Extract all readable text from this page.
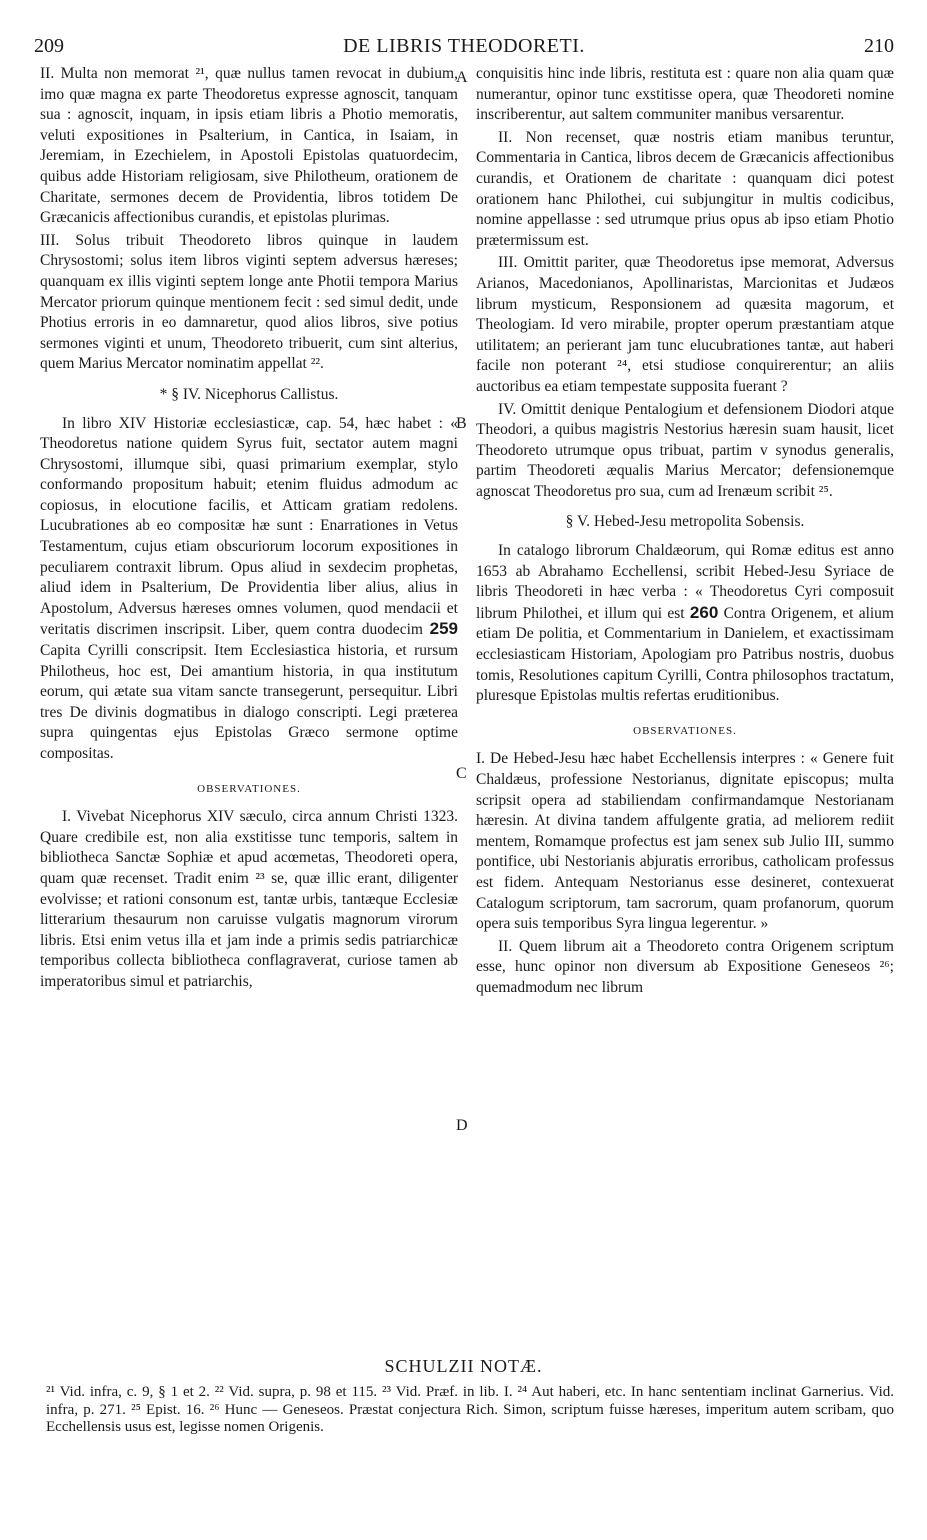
209	DE LIBRIS THEODORETI.	210
A
B
C
D

II. Multa non memorat ²¹, quæ nullus tamen revocat in dubium, imo quæ magna ex parte Theodoretus expresse agnoscit, tanquam sua : agnoscit, inquam, in ipsis etiam libris a Photio memoratis, veluti expositiones in Psalterium, in Cantica, in Isaiam, in Jeremiam, in Ezechielem, in Apostoli Epistolas quatuordecim, quibus adde Historiam religiosam, sive Philotheum, orationem de Charitate, sermones decem de Providentia, libros totidem De Græcanicis affectionibus curandis, et epistolas plurimas.

III. Solus tribuit Theodoreto libros quinque in laudem Chrysostomi; solus item libros viginti septem adversus hæreses; quanquam ex illis viginti septem longe ante Photii tempora Marius Mercator priorum quinque mentionem fecit : sed simul dedit, unde Photius erroris in eo damnaretur, quod alios libros, sive potius sermones viginti et unum, Theodoreto tribuerit, cum sint alterius, quem Marius Mercator nominatim appellat ²².

* § IV. Nicephorus Callistus.

In libro XIV Historiæ ecclesiasticæ, cap. 54, hæc habet : « Theodoretus natione quidem Syrus fuit, sectator autem magni Chrysostomi, illumque sibi, quasi primarium exemplar, stylo conformando propositum habuit; etenim fluidus admodum ac copiosus, in elocutione facilis, et Atticam gratiam redolens. Lucubrationes ab eo compositæ hæ sunt : Enarrationes in Vetus Testamentum, cujus etiam obscuriorum locorum expositiones in peculiarem contraxit librum. Opus aliud in sexdecim prophetas, aliud idem in Psalterium, De Providentia liber alius, alius in Apostolum, Adversus hæreses omnes volumen, quod mendacii et veritatis discrimen inscripsit. Liber, quem contra duodecim 259 Capita Cyrilli conscripsit. Item Ecclesiastica historia, et rursum Philotheus, hoc est, Dei amantium historia, in qua institutum eorum, qui ætate sua vitam sancte transegerunt, persequitur. Libri tres De divinis dogmatibus in dialogo conscripti. Legi præterea supra quingentas ejus Epistolas Græco sermone optime compositas.

OBSERVATIONES.

I. Vivebat Nicephorus XIV sæculo, circa annum Christi 1323. Quare credibile est, non alia exstitisse tunc temporis, saltem in bibliotheca Sanctæ Sophiæ et apud acœmetas, Theodoreti opera, quam quæ recenset. Tradit enim ²³ se, quæ illic erant, diligenter evolvisse; et rationi consonum est, tantæ urbis, tantæque Ecclesiæ litterarium thesaurum non caruisse vulgatis magnorum virorum libris. Etsi enim vetus illa et jam inde a primis sedis patriarchicæ temporibus collecta bibliotheca conflagraverat, curiose tamen ab imperatoribus simul et patriarchis,

conquisitis hinc inde libris, restituta est : quare non alia quam quæ numerantur, opinor tunc exstitisse opera, quæ Theodoreti nomine inscriberentur, aut saltem communiter manibus versarentur.

II. Non recenset, quæ nostris etiam manibus teruntur, Commentaria in Cantica, libros decem de Græcanicis affectionibus curandis, et Orationem de charitate : quanquam dici potest orationem hanc Philothei, cui subjungitur in multis codicibus, nomine appellasse : sed utrumque prius opus ab ipso etiam Photio prætermissum est.

III. Omittit pariter, quæ Theodoretus ipse memorat, Adversus Arianos, Macedonianos, Apollinaristas, Marcionitas et Judæos librum mysticum, Responsionem ad quæsita magorum, et Theologiam. Id vero mirabile, propter operum præstantiam atque utilitatem; an perierant jam tunc elucubrationes tantæ, aut haberi facile non poterant ²⁴, etsi studiose conquirerentur; an aliis auctoribus ea etiam tempestate supposita fuerant ?

IV. Omittit denique Pentalogium et defensionem Diodori atque Theodori, a quibus magistris Nestorius hæresin suam hausit, licet Theodoreto utrumque opus tribuat, partim v synodus generalis, partim Theodoreti æqualis Marius Mercator; defensionemque agnoscat Theodoretus pro sua, cum ad Irenæum scribit ²⁵.

§ V. Hebed-Jesu metropolita Sobensis.

In catalogo librorum Chaldæorum, qui Romæ editus est anno 1653 ab Abrahamo Ecchellensi, scribit Hebed-Jesu Syriace de libris Theodoreti in hæc verba : « Theodoretus Cyri composuit librum Philothei, et illum qui est 260 Contra Origenem, et alium etiam De politia, et Commentarium in Danielem, et exactissimam ecclesiasticam Historiam, Apologiam pro Patribus nostris, duobus tomis, Resolutiones capitum Cyrilli, Contra philosophos tractatum, pluresque Epistolas multis refertas eruditionibus.

OBSERVATIONES.

I. De Hebed-Jesu hæc habet Ecchellensis interpres : « Genere fuit Chaldæus, professione Nestorianus, dignitate episcopus; multa scripsit opera ad stabiliendam confirmandamque Nestorianam hæresin. At divina tandem affulgente gratia, ad meliorem rediit mentem, Romamque profectus est jam senex sub Julio III, summo pontifice, ubi Nestorianis abjuratis erroribus, catholicam professus est fidem. Antequam Nestorianus esse desineret, contexuerat Catalogum scriptorum, tam sacrorum, quam profanorum, quorum opera suis temporibus Syra lingua legerentur. »

II. Quem librum ait a Theodoreto contra Origenem scriptum esse, hunc opinor non diversum ab Expositione Geneseos ²⁶; quemadmodum nec librum

SCHULZII NOTÆ.

²¹ Vid. infra, c. 9, § 1 et 2. ²² Vid. supra, p. 98 et 115. ²³ Vid. Præf. in lib. I. ²⁴ Aut haberi, etc. In hanc sententiam inclinat Garnerius. Vid. infra, p. 271. ²⁵ Epist. 16. ²⁶ Hunc — Geneseos. Præstat conjectura Rich. Simon, scriptum fuisse hæreses, imperitum autem scribam, quo Ecchellensis usus est, legisse nomen Origenis.
